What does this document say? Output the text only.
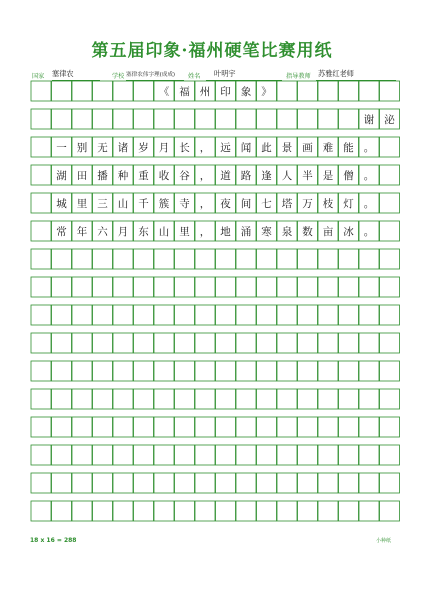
第五届印象·福州硬笔比赛用纸
国家 塞律农	学校 塞律农伟字理(成成) 姓名 叶明宇	指导教师 苏雅红老师
《 福 州 印 象 》
谢 泌
一 别 无 诸 岁 月 长 ， 远 闻 此 景 画 难 能 。
湖 田 播 种 重 收 谷 ， 道 路 逢 人 半 是 僧 。
城 里 三 山 千 簇 寺 ， 夜 间 七 塔 万 枝 灯 。
常 年 六 月 东 山 里 ， 地 涌 寒 泉 数 亩 冰 。
18 x 16 = 288	小种纸
